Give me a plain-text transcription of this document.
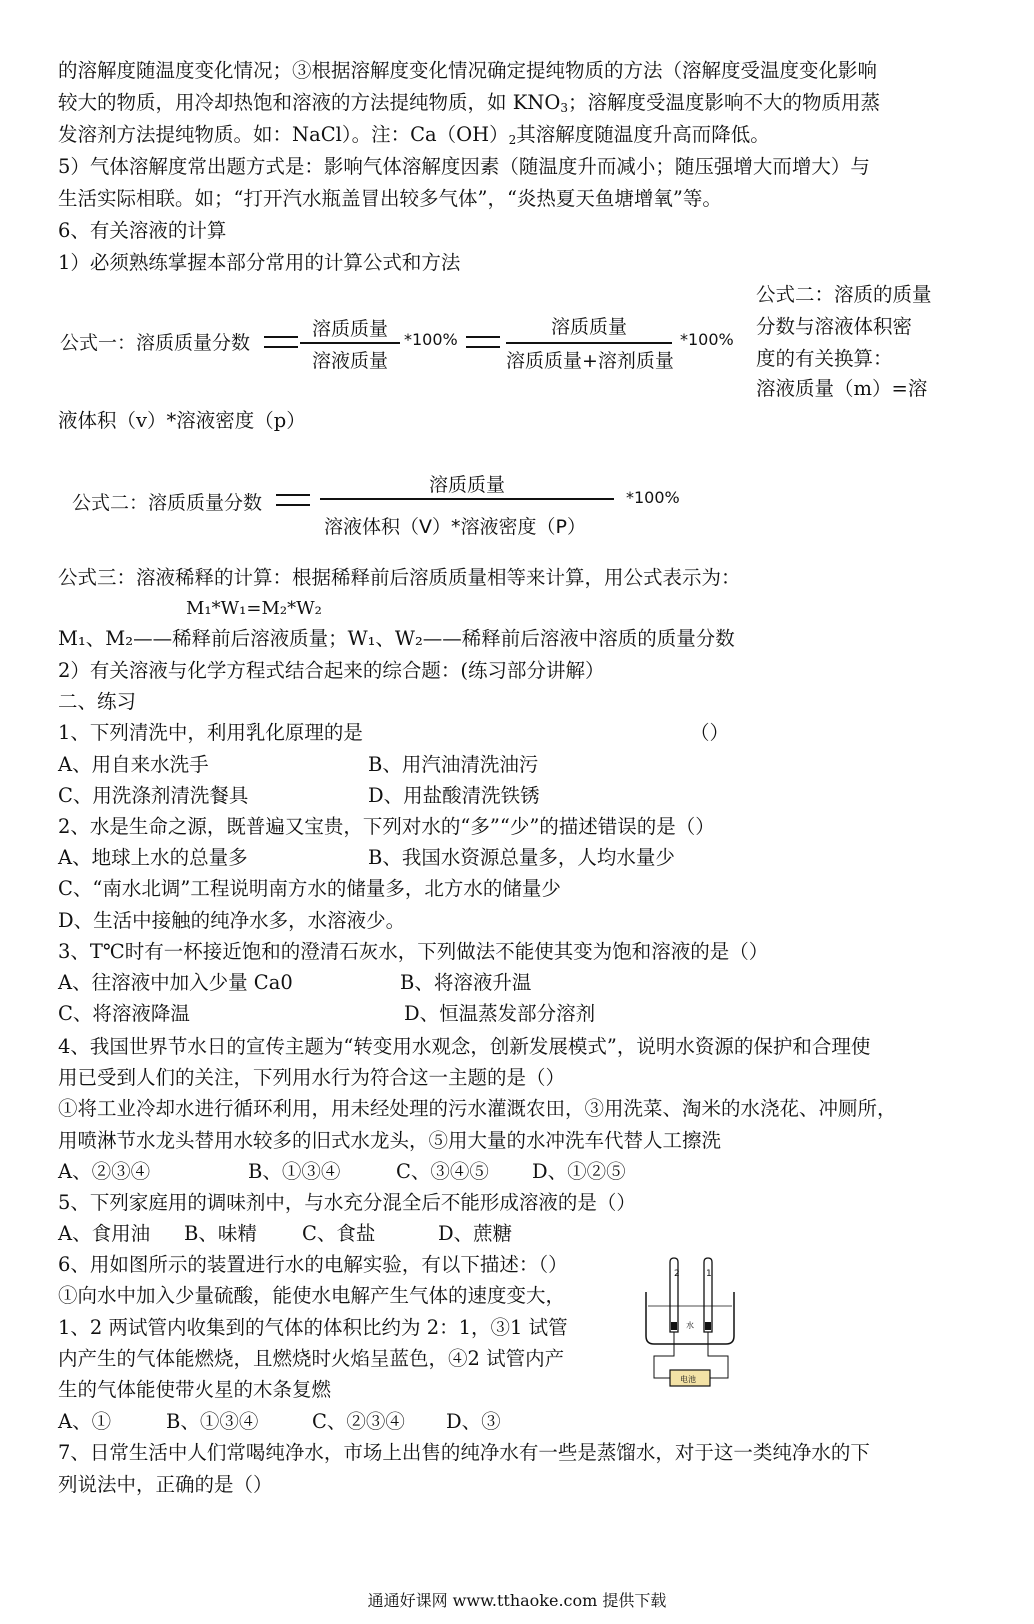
的溶解度随温度变化情况；③根据溶解度变化情况确定提纯物质的方法（溶解度受温度变化影响
较大的物质，用冷却热饱和溶液的方法提纯物质，如 $KNO_3$；溶解度受温度影响不大的物质用蒸
发溶剂方法提纯物质。如：NaCl）。注：$Ca(OH)_2$其溶解度随温度升高而降低。
5）气体溶解度常出题方式是：影响气体溶解度因素（随温度升而减小；随压强增大而增大）与
生活实际相联。如；“打开汽水瓶盖冒出较多气体”，“炎热夏天鱼塘增氧”等。
6、有关溶液的计算
1）必须熟练掌握本部分常用的计算公式和方法
公式一：溶质质量分数
溶质质量
溶液质量
*100%
溶质质量
溶质质量+溶剂质量
*100%
公式二：溶质的质量
分数与溶液体积密
度的有关换算：
溶液质量（m）=溶
液体积（v）*溶液密度（p）
公式二：溶质质量分数
溶质质量
溶液体积（V）*溶液密度（P）
*100%
公式三：溶液稀释的计算：根据稀释前后溶质质量相等来计算，用公式表示为：
M₁*W₁=M₂*W₂
M₁、M₂——稀释前后溶液质量；W₁、W₂——稀释前后溶液中溶质的质量分数
2）有关溶液与化学方程式结合起来的综合题：(练习部分讲解）
二、练习
1、下列清洗中，利用乳化原理的是	（）
A、用自来水洗手	B、用汽油清洗油污
C、用洗涤剂清洗餐具	D、用盐酸清洗铁锈
2、水是生命之源，既普遍又宝贵，下列对水的“多”“少”的描述错误的是（）
A、地球上水的总量多	B、我国水资源总量多，人均水量少
C、“南水北调”工程说明南方水的储量多，北方水的储量少
D、生活中接触的纯净水多，水溶液少。
3、T℃时有一杯接近饱和的澄清石灰水，下列做法不能使其变为饱和溶液的是（）
A、往溶液中加入少量 Ca0	B、将溶液升温
C、将溶液降温	D、恒温蒸发部分溶剂
4、我国世界节水日的宣传主题为“转变用水观念，创新发展模式”，说明水资源的保护和合理使
用已受到人们的关注，下列用水行为符合这一主题的是（）
①将工业冷却水进行循环利用，用未经处理的污水灌溉农田，③用洗菜、淘米的水浇花、冲厕所，
用喷淋节水龙头替用水较多的旧式水龙头，⑤用大量的水冲洗车代替人工擦洗
A、②③④	B、①③④	C、③④⑤ D、①②⑤
5、下列家庭用的调味剂中，与水充分混全后不能形成溶液的是（）
A、食用油 B、味精 C、食盐	D、蔗糖
6、用如图所示的装置进行水的电解实验，有以下描述：（）
①向水中加入少量硫酸，能使水电解产生气体的速度变大，
1、2 两试管内收集到的气体的体积比约为 2：1，③1 试管
内产生的气体能燃烧，且燃烧时火焰呈蓝色，④2 试管内产
生的气体能使带火星的木条复燃
A、①	B、①③④	C、②③④ D、③
2	1
水
电池
7、日常生活中人们常喝纯净水，市场上出售的纯净水有一些是蒸馏水，对于这一类纯净水的下
列说法中，正确的是（）
通通好课网 www.tthaoke.com 提供下载
